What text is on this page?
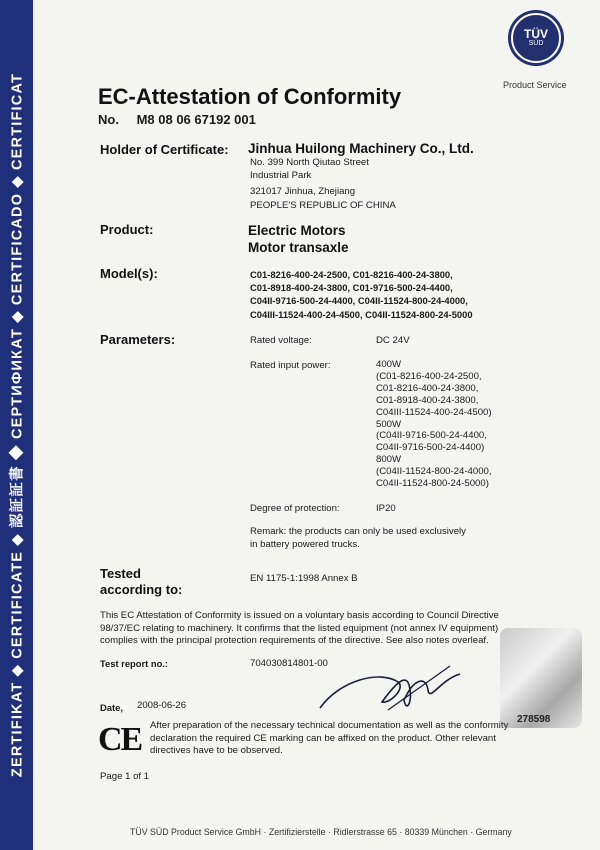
ZERTIFIKAT ◆ CERTIFICATE ◆ 認証証書 ◆ СЕРТИФИКАТ ◆ CERTIFICADO ◆ CERTIFICAT
TÜV
SÜD
Product Service
EC-Attestation of Conformity
No. M8 08 06 67192 001
Holder of Certificate: Jinhua Huilong Machinery Co., Ltd.
No. 399 North Qiutao Street
Industrial Park
321017 Jinhua, Zhejiang
PEOPLE'S REPUBLIC OF CHINA
Product:	Electric Motors
Motor transaxle
Model(s):	C01-8216-400-24-2500, C01-8216-400-24-3800,
C01-8918-400-24-3800, C01-9716-500-24-4400,
C04II-9716-500-24-4400, C04II-11524-800-24-4000,
C04III-11524-400-24-4500, C04II-11524-800-24-5000
Parameters:	Rated voltage:	DC 24V
Rated input power:	400W
(C01-8216-400-24-2500,
C01-8216-400-24-3800,
C01-8918-400-24-3800,
C04III-11524-400-24-4500)
500W
(C04II-9716-500-24-4400,
C04II-9716-500-24-4400)
800W
(C04II-11524-800-24-4000,
C04II-11524-800-24-5000)
Degree of protection:	IP20
Remark: the products can only be used exclusively
in battery powered trucks.
Tested
according to:
EN 1175-1:1998 Annex B
This EC Attestation of Conformity is issued on a voluntary basis according to Council Directive 98/37/EC relating to machinery. It confirms that the listed equipment (not annex IV equipment) complies with the principal protection requirements of the directive. See also notes overleaf.
Test report no.:	704030814801-00
Date, 2008-06-26
278598
CE After preparation of the necessary technical documentation as well as the conformity declaration the required CE marking can be affixed on the product. Other relevant directives have to be observed.
Page 1 of 1
TÜV SÜD Product Service GmbH · Zertifizierstelle · Ridlerstrasse 65 · 80339 München · Germany
